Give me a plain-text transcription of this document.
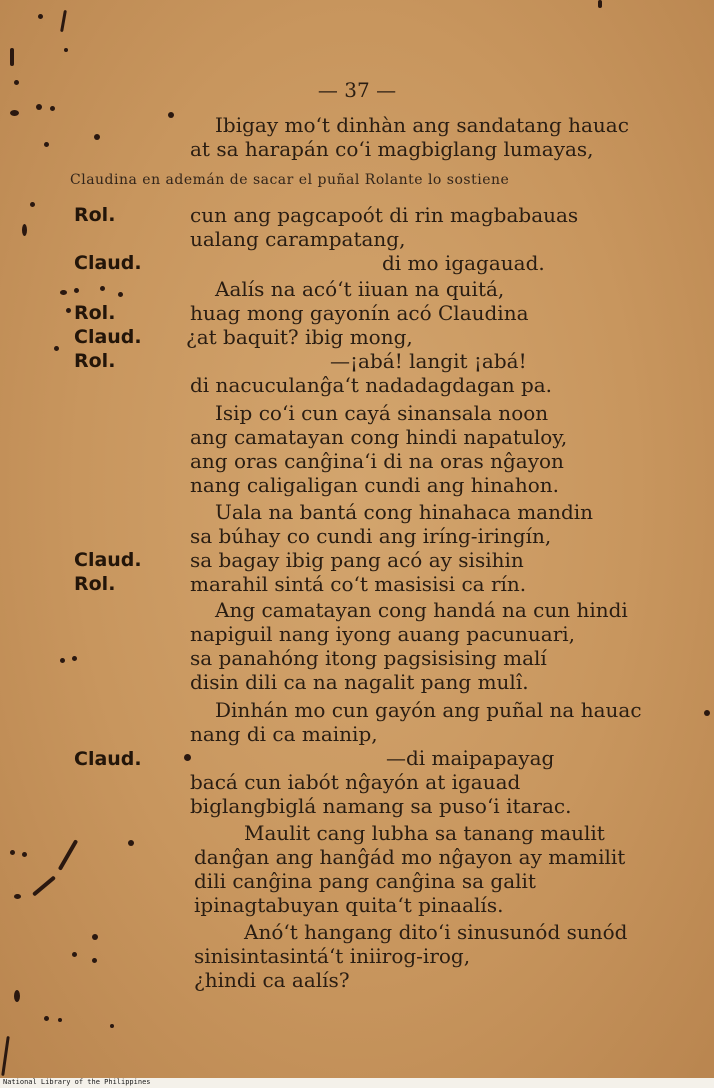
— 37 —
Claudina en ademán de sacar el puñal Rolante lo sostiene
Rol.
Claud.
Rol.
Claud.
Rol.
Claud.
Rol.
Claud.
Ibigay mo‘t dinhàn ang sandatang hauac
at sa harapán co‘i magbiglang lumayas,
cun ang pagcapoót di rin magbabauas
ualang carampatang,
di mo igagauad.
Aalís na acó‘t iiuan na quitá,
huag mong gayonín acó Claudina
¿at baquit? ibig mong,
—¡abá! langit ¡abá!
di nacuculanĝa‘t nadadagdagan pa.
Isip co‘i cun cayá sinansala noon
ang camatayan cong hindi napatuloy,
ang oras canĝina‘i di na oras nĝayon
nang caligaligan cundi ang hinahon.
Uala na bantá cong hinahaca mandin
sa búhay co cundi ang iríng-iringín,
sa bagay ibig pang acó ay sisihin
marahil sintá co‘t masisisi ca rín.
Ang camatayan cong handá na cun hindi
napiguil nang iyong auang pacunuari,
sa panahóng itong pagsisising malí
disin dili ca na nagalit pang mulî.
Dinhán mo cun gayón ang puñal na hauac
nang di ca mainip,
—di maipapayag
bacá cun iabót nĝayón at igauad
biglangbiglá namang sa puso‘i itarac.
Maulit cang lubha sa tanang maulit
danĝan ang hanĝád mo nĝayon ay mamilit
dili canĝina pang canĝina sa galit
ipinagtabuyan quita‘t pinaalís.
Anó‘t hangang dito‘i sinusunód sunód
sinisintasintá‘t iniirog-irog,
¿hindi ca aalís?
National Library of the Philippines
